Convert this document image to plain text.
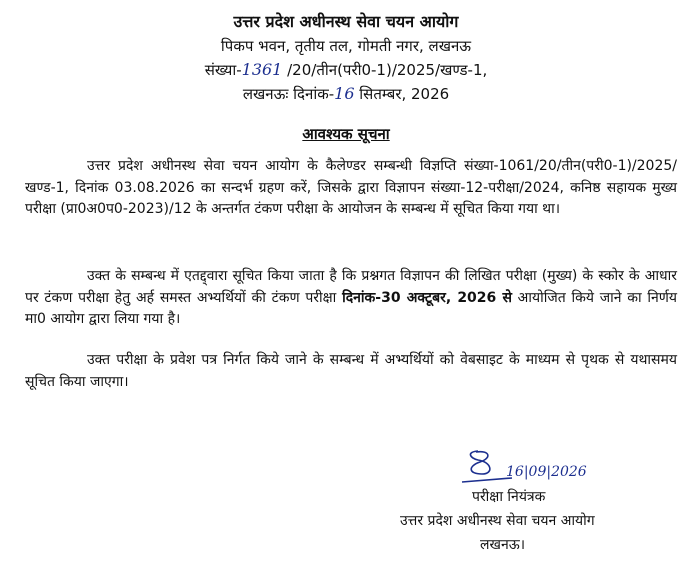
उत्तर प्रदेश अधीनस्थ सेवा चयन आयोग
पिकप भवन, तृतीय तल, गोमती नगर, लखनऊ
संख्या-1361 /20/तीन(परी0-1)/2025/खण्ड-1,
लखनऊः दिनांक-16 सितम्बर, 2026
आवश्यक सूचना
उत्तर प्रदेश अधीनस्थ सेवा चयन आयोग के कैलेण्डर सम्बन्धी विज्ञप्ति संख्या-1061/20/तीन(परी0-1)/2025/ खण्ड-1, दिनांक 03.08.2026 का सन्दर्भ ग्रहण करें, जिसके द्वारा विज्ञापन संख्या-12-परीक्षा/2024, कनिष्ठ सहायक मुख्य परीक्षा (प्रा0अ0प0-2023)/12 के अन्तर्गत टंकण परीक्षा के आयोजन के सम्बन्ध में सूचित किया गया था।
उक्त के सम्बन्ध में एतद्द्वारा सूचित किया जाता है कि प्रश्नगत विज्ञापन की लिखित परीक्षा (मुख्य) के स्कोर के आधार पर टंकण परीक्षा हेतु अर्ह समस्त अभ्यर्थियों की टंकण परीक्षा दिनांक-30 अक्टूबर, 2026 से आयोजित किये जाने का निर्णय मा0 आयोग द्वारा लिया गया है।
उक्त परीक्षा के प्रवेश पत्र निर्गत किये जाने के सम्बन्ध में अभ्यर्थियों को वेबसाइट के माध्यम से पृथक से यथासमय सूचित किया जाएगा।
16|09|2026
परीक्षा नियंत्रक
उत्तर प्रदेश अधीनस्थ सेवा चयन आयोग
लखनऊ।
